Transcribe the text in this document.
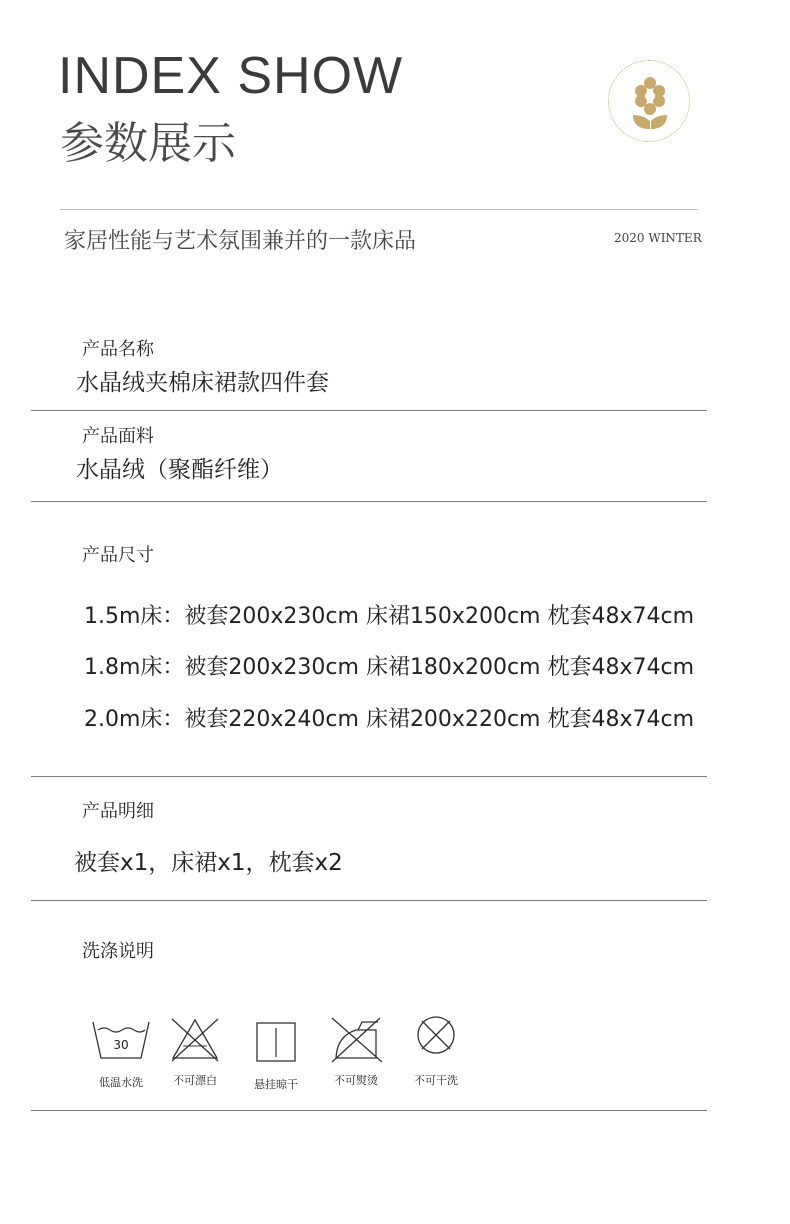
INDEX SHOW
参数展示
家居性能与艺术氛围兼并的一款床品	2020 WINTER
产品名称
水晶绒夹棉床裙款四件套
产品面料
水晶绒（聚酯纤维）
产品尺寸
1.5m床：被套200x230cm 床裙150x200cm 枕套48x74cm
1.8m床：被套200x230cm 床裙180x200cm 枕套48x74cm
2.0m床：被套220x240cm 床裙200x220cm 枕套48x74cm
产品明细
被套x1，床裙x1，枕套x2
洗涤说明
30
低温水洗	不可漂白	悬挂晾干	不可熨烫	不可干洗
